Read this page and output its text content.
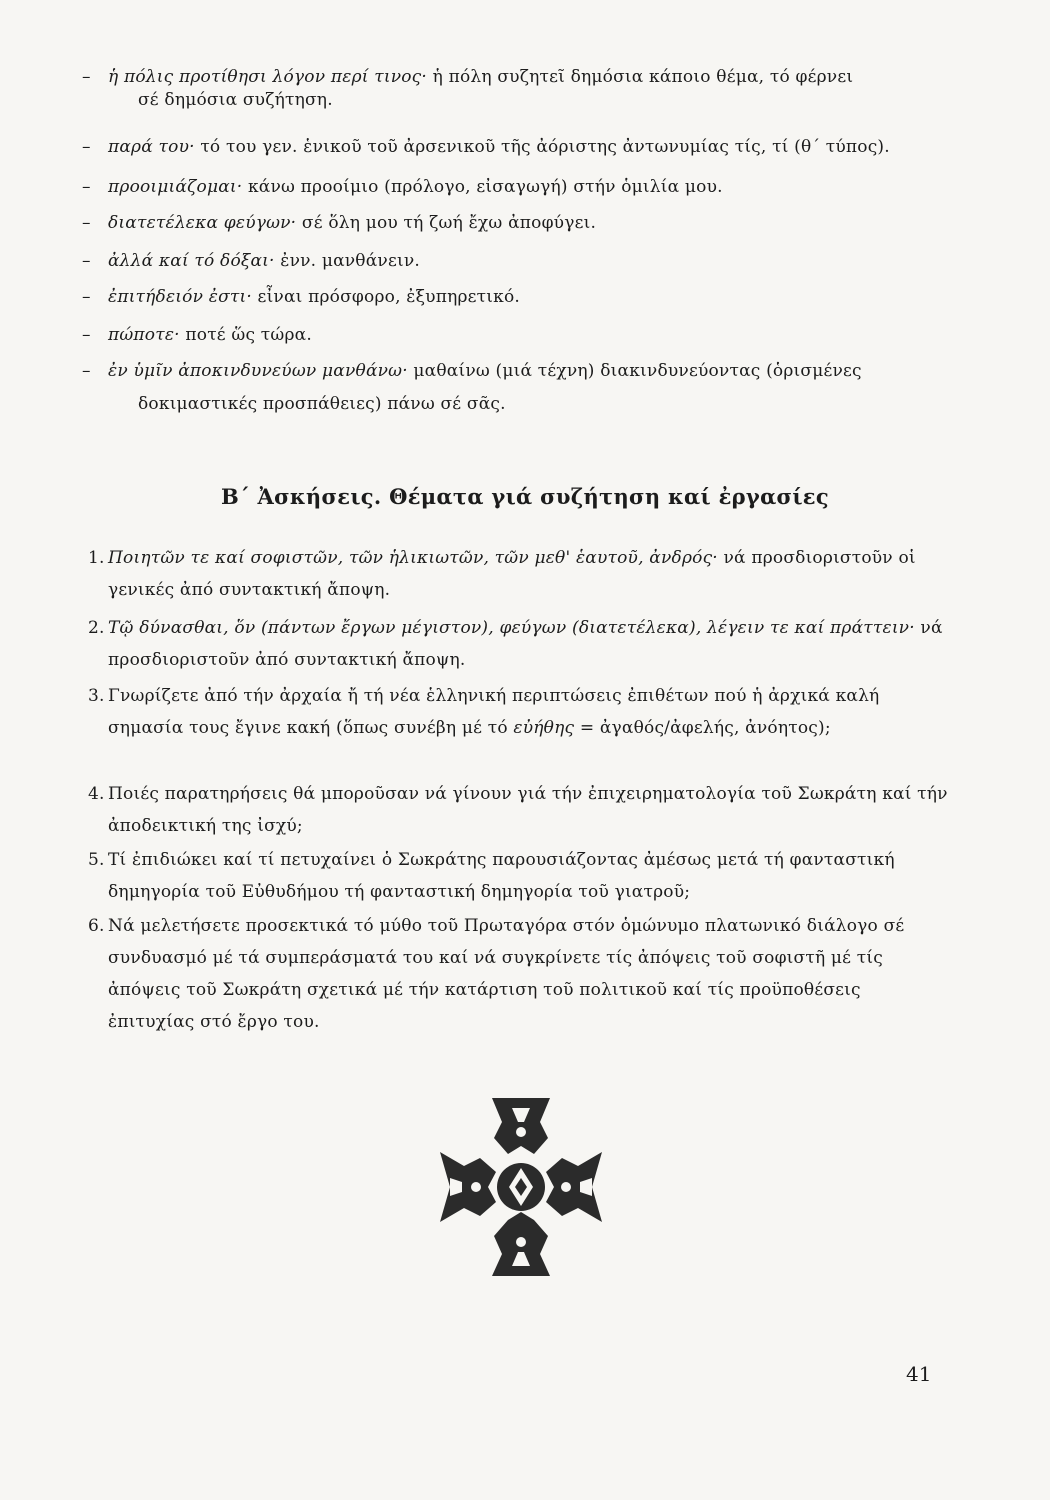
– ἡ πόλις προτίθησι λόγον περί τινος· ἡ πόλη συζητεῖ δημόσια κάποιο θέμα, τό φέρνει
σέ δημόσια συζήτηση.
– παρά του· τό του γεν. ἑνικοῦ τοῦ ἀρσενικοῦ τῆς ἀόριστης ἀντωνυμίας τίς, τί (θ΄ τύπος).
– προοιμιάζομαι· κάνω προοίμιο (πρόλογο, εἰσαγωγή) στήν ὁμιλία μου.
– διατετέλεκα φεύγων· σέ ὅλη μου τή ζωή ἔχω ἀποφύγει.
– ἀλλά καί τό δόξαι· ἐνν. μανθάνειν.
– ἐπιτήδειόν ἐστι· εἶναι πρόσφορο, ἐξυπηρετικό.
– πώποτε· ποτέ ὥς τώρα.
– ἐν ὑμῖν ἀποκινδυνεύων μανθάνω· μαθαίνω (μιά τέχνη) διακινδυνεύοντας (ὁρισμένες
δοκιμαστικές προσπάθειες) πάνω σέ σᾶς.
Β΄ Ἀσκήσεις. Θέματα γιά συζήτηση καί ἐργασίες
1. Ποιητῶν τε καί σοφιστῶν, τῶν ἡλικιωτῶν, τῶν μεθ' ἑαυτοῦ, ἀνδρός· νά προσδιοριστοῦν οἱ γενικές ἀπό συντακτική ἄποψη.
2. Τῷ δύνασθαι, ὅν (πάντων ἔργων μέγιστον), φεύγων (διατετέλεκα), λέγειν τε καί πράττειν· νά προσδιοριστοῦν ἀπό συντακτική ἄποψη.
3. Γνωρίζετε ἀπό τήν ἀρχαία ἤ τή νέα ἑλληνική περιπτώσεις ἐπιθέτων πού ἡ ἀρχικά καλή σημασία τους ἔγινε κακή (ὅπως συνέβη μέ τό εὐήθης = ἀγαθός/ἀφελής, ἀνόητος);
4. Ποιές παρατηρήσεις θά μποροῦσαν νά γίνουν γιά τήν ἐπιχειρηματολογία τοῦ Σωκράτη καί τήν ἀποδεικτική της ἰσχύ;
5. Τί ἐπιδιώκει καί τί πετυχαίνει ὁ Σωκράτης παρουσιάζοντας ἀμέσως μετά τή φανταστική δημηγορία τοῦ Εὐθυδήμου τή φανταστική δημηγορία τοῦ γιατροῦ;
6. Νά μελετήσετε προσεκτικά τό μύθο τοῦ Πρωταγόρα στόν ὁμώνυμο πλατωνικό διάλογο σέ συνδυασμό μέ τά συμπεράσματά του καί νά συγκρίνετε τίς ἀπόψεις τοῦ σοφιστῆ μέ τίς ἀπόψεις τοῦ Σωκράτη σχετικά μέ τήν κατάρτιση τοῦ πολιτικοῦ καί τίς προϋποθέσεις ἐπιτυχίας στό ἔργο του.
41
